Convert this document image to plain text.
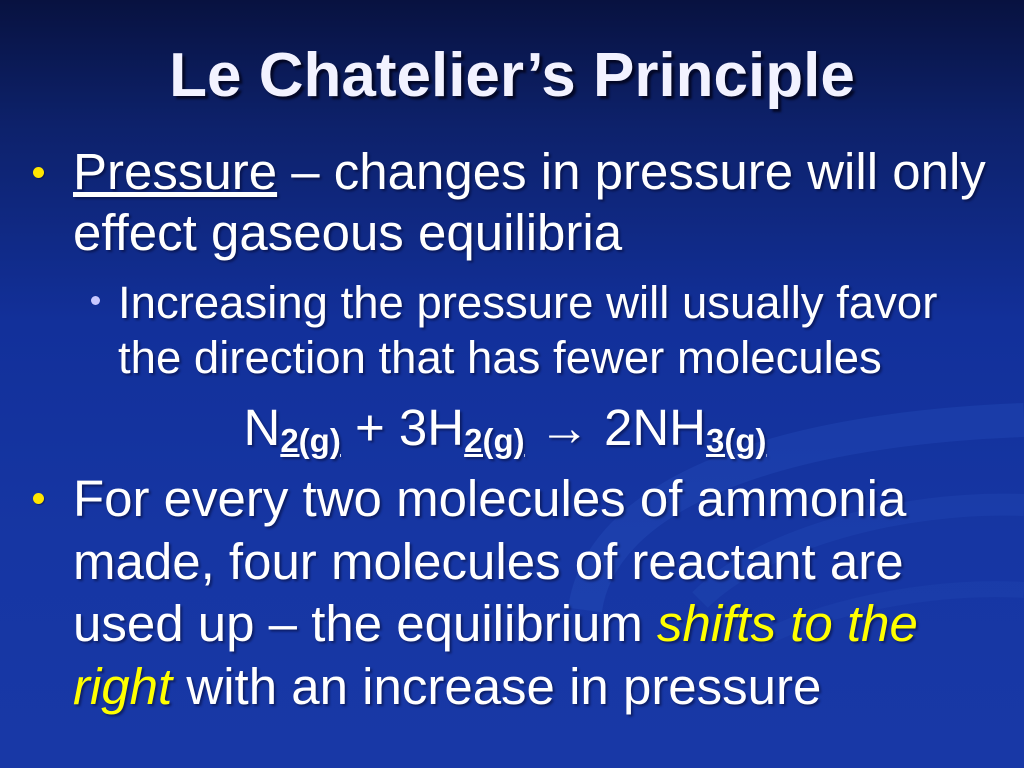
Le Chatelier’s Principle

Pressure – changes in pressure will only effect gaseous equilibria

Increasing the pressure will usually favor the direction that has fewer molecules

$N_{2(g)} + 3H_{2(g)} \to 2NH_{3(g)}$

For every two molecules of ammonia made, four molecules of reactant are used up – the equilibrium shifts to the right with an increase in pressure
